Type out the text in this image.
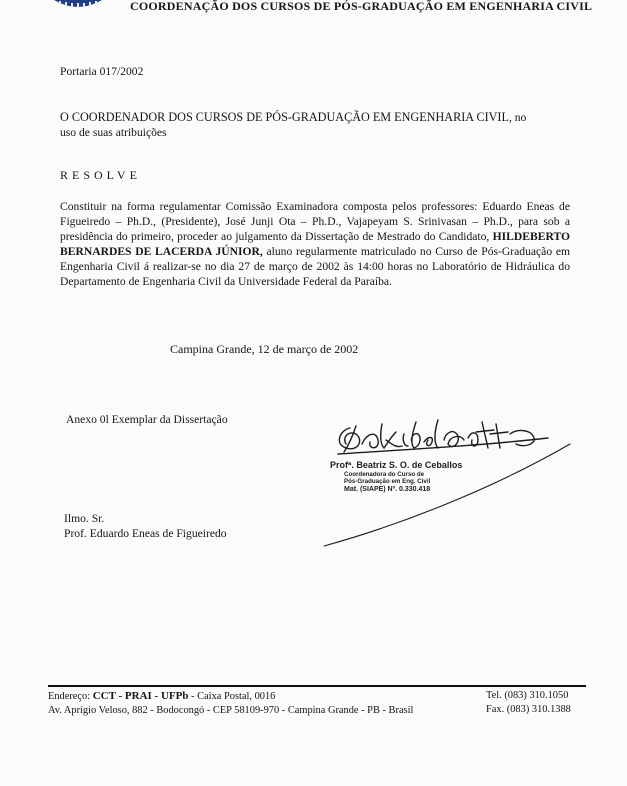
COORDENAÇÃO DOS CURSOS DE PÓS-GRADUAÇÃO EM ENGENHARIA CIVIL
Portaria 017/2002
O COORDENADOR DOS CURSOS DE PÓS-GRADUAÇÃO EM ENGENHARIA CIVIL, no
uso de suas atribuições
RESOLVE
Constituir na forma regulamentar Comissão Examinadora composta pelos professores: Eduardo Eneas de Figueiredo – Ph.D., (Presidente), José Junji Ota – Ph.D., Vajapeyam S. Srinivasan – Ph.D., para sob a presidência do primeiro, proceder ao julgamento da Dissertação de Mestrado do Candidato, HILDEBERTO BERNARDES DE LACERDA JÚNIOR, aluno regularmente matriculado no Curso de Pós-Graduação em Engenharia Civil á realizar-se no dia 27 de março de 2002 às 14:00 horas no Laboratório de Hidráulica do Departamento de Engenharia Civil da Universidade Federal da Paraíba.
Campina Grande, 12 de março de 2002
Anexo 0l Exemplar da Dissertação
Profª. Beatriz S. O. de Ceballos
Coordenadora do Curso de
Pós-Graduação em Eng. Civil
Mat. (SIAPE) Nº. 0.330.418
Ilmo. Sr.
Prof. Eduardo Eneas de Figueiredo
Endereço: CCT - PRAI - UFPb - Caixa Postal, 0016
Av. Aprígio Veloso, 882 - Bodocongó - CEP 58109-970 - Campina Grande - PB - Brasil
Tel. (083) 310.1050
Fax. (083) 310.1388
